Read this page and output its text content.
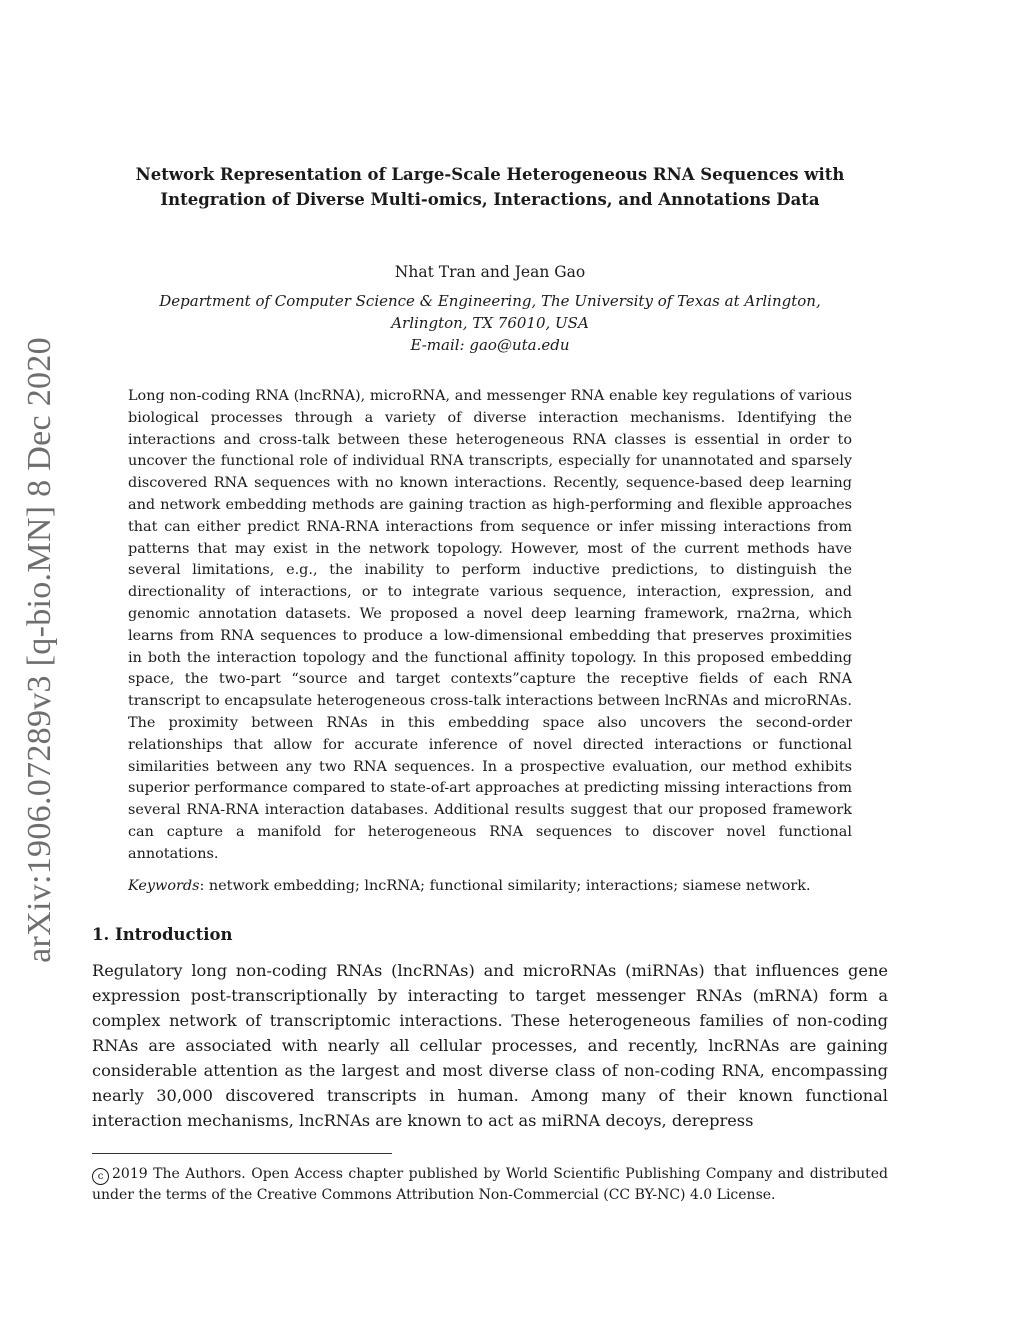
arXiv:1906.07289v3 [q-bio.MN] 8 Dec 2020
Network Representation of Large-Scale Heterogeneous RNA Sequences with Integration of Diverse Multi-omics, Interactions, and Annotations Data

Nhat Tran and Jean Gao

Department of Computer Science & Engineering, The University of Texas at Arlington,
Arlington, TX 76010, USA
E-mail: gao@uta.edu

Long non-coding RNA (lncRNA), microRNA, and messenger RNA enable key regulations of various biological processes through a variety of diverse interaction mechanisms. Identifying the interactions and cross-talk between these heterogeneous RNA classes is essential in order to uncover the functional role of individual RNA transcripts, especially for unannotated and sparsely discovered RNA sequences with no known interactions. Recently, sequence-based deep learning and network embedding methods are gaining traction as high-performing and flexible approaches that can either predict RNA-RNA interactions from sequence or infer missing interactions from patterns that may exist in the network topology. However, most of the current methods have several limitations, e.g., the inability to perform inductive predictions, to distinguish the directionality of interactions, or to integrate various sequence, interaction, expression, and genomic annotation datasets. We proposed a novel deep learning framework, rna2rna, which learns from RNA sequences to produce a low-dimensional embedding that preserves proximities in both the interaction topology and the functional affinity topology. In this proposed embedding space, the two-part “source and target contexts”capture the receptive fields of each RNA transcript to encapsulate heterogeneous cross-talk interactions between lncRNAs and microRNAs. The proximity between RNAs in this embedding space also uncovers the second-order relationships that allow for accurate inference of novel directed interactions or functional similarities between any two RNA sequences. In a prospective evaluation, our method exhibits superior performance compared to state-of-art approaches at predicting missing interactions from several RNA-RNA interaction databases. Additional results suggest that our proposed framework can capture a manifold for heterogeneous RNA sequences to discover novel functional annotations.

Keywords: network embedding; lncRNA; functional similarity; interactions; siamese network.

1. Introduction

Regulatory long non-coding RNAs (lncRNAs) and microRNAs (miRNAs) that influences gene expression post-transcriptionally by interacting to target messenger RNAs (mRNA) form a complex network of transcriptomic interactions. These heterogeneous families of non-coding RNAs are associated with nearly all cellular processes, and recently, lncRNAs are gaining considerable attention as the largest and most diverse class of non-coding RNA, encompassing nearly 30,000 discovered transcripts in human. Among many of their known functional interaction mechanisms, lncRNAs are known to act as miRNA decoys, derepress

c 2019 The Authors. Open Access chapter published by World Scientific Publishing Company and distributed under the terms of the Creative Commons Attribution Non-Commercial (CC BY-NC) 4.0 License.
